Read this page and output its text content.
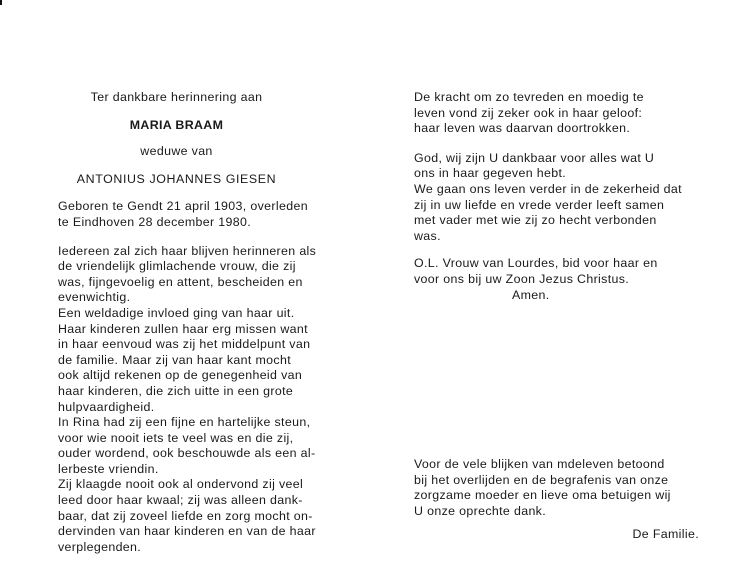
Ter dankbare herinnering aan
MARIA BRAAM
weduwe van
ANTONIUS JOHANNES GIESEN
Geboren te Gendt 21 april 1903, overleden
te Eindhoven 28 december 1980.
Iedereen zal zich haar blijven herinneren als
de vriendelijk glimlachende vrouw, die zij
was, fijngevoelig en attent, bescheiden en
evenwichtig.
Een weldadige invloed ging van haar uit.
Haar kinderen zullen haar erg missen want
in haar eenvoud was zij het middelpunt van
de familie. Maar zij van haar kant mocht
ook altijd rekenen op de genegenheid van
haar kinderen, die zich uitte in een grote
hulpvaardigheid.
In Rina had zij een fijne en hartelijke steun,
voor wie nooit iets te veel was en die zij,
ouder wordend, ook beschouwde als een al-
lerbeste vriendin.
Zij klaagde nooit ook al ondervond zij veel
leed door haar kwaal; zij was alleen dank-
baar, dat zij zoveel liefde en zorg mocht on-
dervinden van haar kinderen en van de haar
verplegenden.
De kracht om zo tevreden en moedig te
leven vond zij zeker ook in haar geloof:
haar leven was daarvan doortrokken.
God, wij zijn U dankbaar voor alles wat U
ons in haar gegeven hebt.
We gaan ons leven verder in de zekerheid dat
zij in uw liefde en vrede verder leeft samen
met vader met wie zij zo hecht verbonden
was.
O.L. Vrouw van Lourdes, bid voor haar en
voor ons bij uw Zoon Jezus Christus.
Amen.
Voor de vele blijken van mdeleven betoond
bij het overlijden en de begrafenis van onze
zorgzame moeder en lieve oma betuigen wij
U onze oprechte dank.
De Familie.
